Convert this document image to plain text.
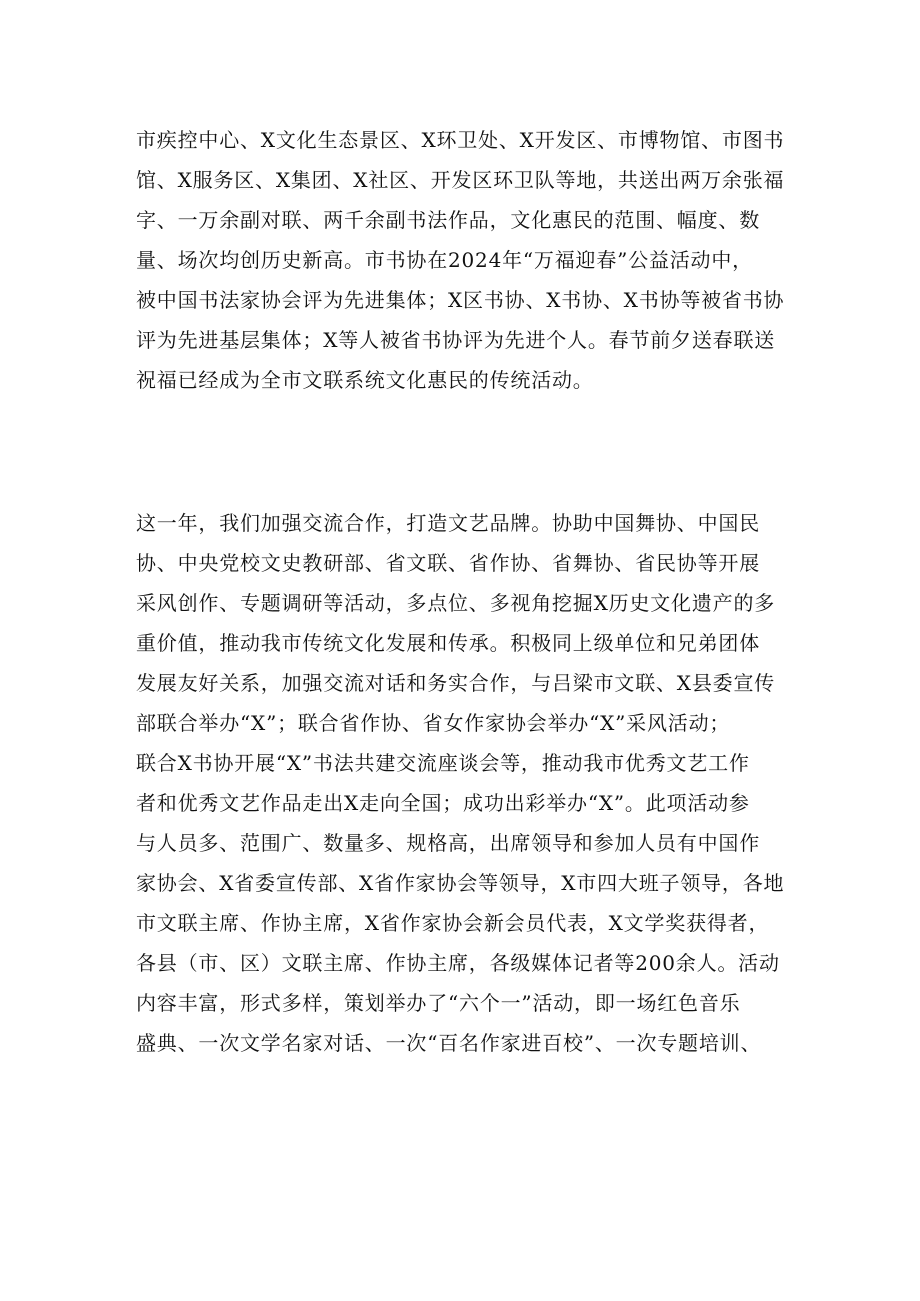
市疾控中心、X文化生态景区、X环卫处、X开发区、市博物馆、市图书
馆、X服务区、X集团、X社区、开发区环卫队等地，共送出两万余张福
字、一万余副对联、两千余副书法作品，文化惠民的范围、幅度、数
量、场次均创历史新高。市书协在2024年“万福迎春”公益活动中，
被中国书法家协会评为先进集体；X区书协、X书协、X书协等被省书协
评为先进基层集体；X等人被省书协评为先进个人。春节前夕送春联送
祝福已经成为全市文联系统文化惠民的传统活动。
这一年，我们加强交流合作，打造文艺品牌。协助中国舞协、中国民
协、中央党校文史教研部、省文联、省作协、省舞协、省民协等开展
采风创作、专题调研等活动，多点位、多视角挖掘X历史文化遗产的多
重价值，推动我市传统文化发展和传承。积极同上级单位和兄弟团体
发展友好关系，加强交流对话和务实合作，与吕梁市文联、X县委宣传
部联合举办“X”；联合省作协、省女作家协会举办“X”采风活动；
联合X书协开展“X”书法共建交流座谈会等，推动我市优秀文艺工作
者和优秀文艺作品走出X走向全国；成功出彩举办“X”。此项活动参
与人员多、范围广、数量多、规格高，出席领导和参加人员有中国作
家协会、X省委宣传部、X省作家协会等领导，X市四大班子领导，各地
市文联主席、作协主席，X省作家协会新会员代表，X文学奖获得者，
各县（市、区）文联主席、作协主席，各级媒体记者等200余人。活动
内容丰富，形式多样，策划举办了“六个一”活动，即一场红色音乐
盛典、一次文学名家对话、一次“百名作家进百校”、一次专题培训、
